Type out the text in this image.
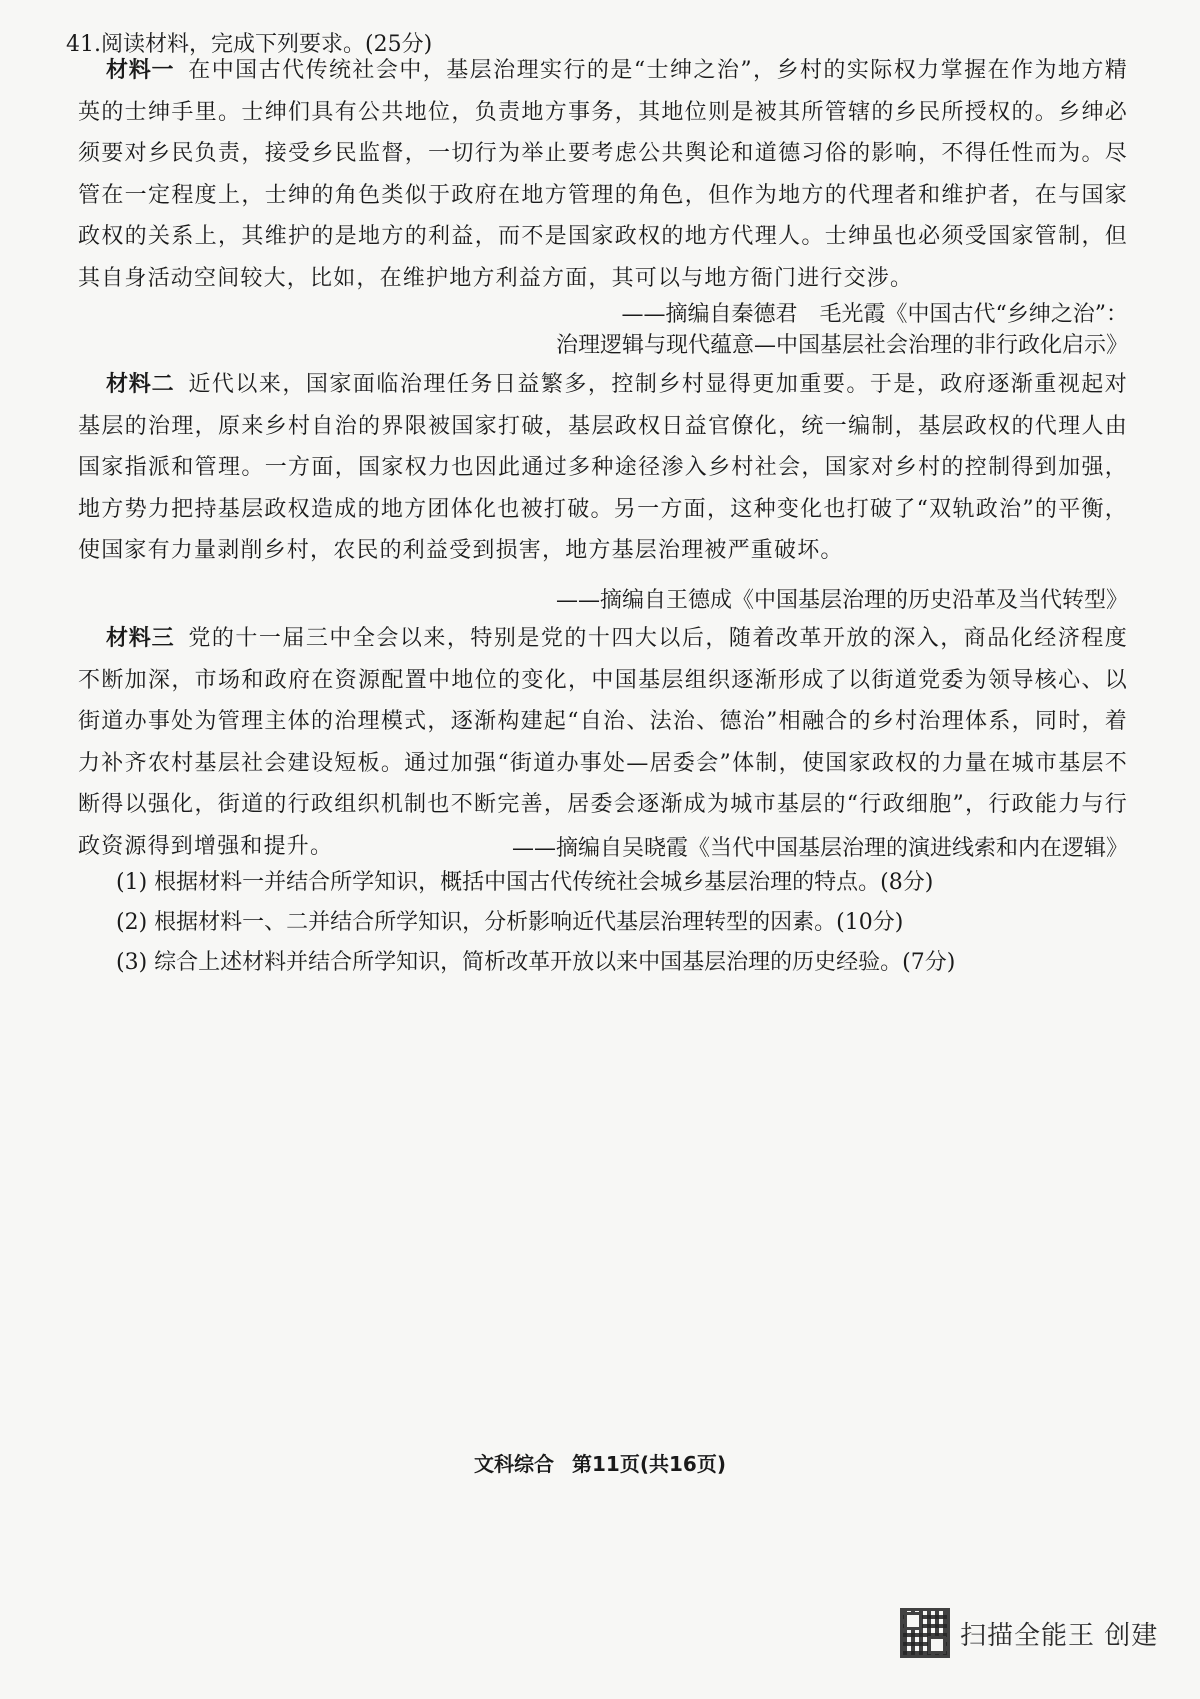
41.阅读材料，完成下列要求。(25分)
材料一 在中国古代传统社会中，基层治理实行的是“士绅之治”，乡村的实际权力掌握在作为地方精英的士绅手里。士绅们具有公共地位，负责地方事务，其地位则是被其所管辖的乡民所授权的。乡绅必须要对乡民负责，接受乡民监督，一切行为举止要考虑公共舆论和道德习俗的影响，不得任性而为。尽管在一定程度上，士绅的角色类似于政府在地方管理的角色，但作为地方的代理者和维护者，在与国家政权的关系上，其维护的是地方的利益，而不是国家政权的地方代理人。士绅虽也必须受国家管制，但其自身活动空间较大，比如，在维护地方利益方面，其可以与地方衙门进行交涉。
——摘编自秦德君　毛光霞《中国古代“乡绅之治”：
治理逻辑与现代蕴意—中国基层社会治理的非行政化启示》
材料二 近代以来，国家面临治理任务日益繁多，控制乡村显得更加重要。于是，政府逐渐重视起对基层的治理，原来乡村自治的界限被国家打破，基层政权日益官僚化，统一编制，基层政权的代理人由国家指派和管理。一方面，国家权力也因此通过多种途径渗入乡村社会，国家对乡村的控制得到加强，地方势力把持基层政权造成的地方团体化也被打破。另一方面，这种变化也打破了“双轨政治”的平衡，使国家有力量剥削乡村，农民的利益受到损害，地方基层治理被严重破坏。
——摘编自王德成《中国基层治理的历史沿革及当代转型》
材料三 党的十一届三中全会以来，特别是党的十四大以后，随着改革开放的深入，商品化经济程度不断加深，市场和政府在资源配置中地位的变化，中国基层组织逐渐形成了以街道党委为领导核心、以街道办事处为管理主体的治理模式，逐渐构建起“自治、法治、德治”相融合的乡村治理体系，同时，着力补齐农村基层社会建设短板。通过加强“街道办事处—居委会”体制，使国家政权的力量在城市基层不断得以强化，街道的行政组织机制也不断完善，居委会逐渐成为城市基层的“行政细胞”，行政能力与行政资源得到增强和提升。	——摘编自吴晓霞《当代中国基层治理的演进线索和内在逻辑》
(1) 根据材料一并结合所学知识，概括中国古代传统社会城乡基层治理的特点。(8分)
(2) 根据材料一、二并结合所学知识，分析影响近代基层治理转型的因素。(10分)
(3) 综合上述材料并结合所学知识，简析改革开放以来中国基层治理的历史经验。(7分)
文科综合 第11页(共16页)
扫描全能王 创建
